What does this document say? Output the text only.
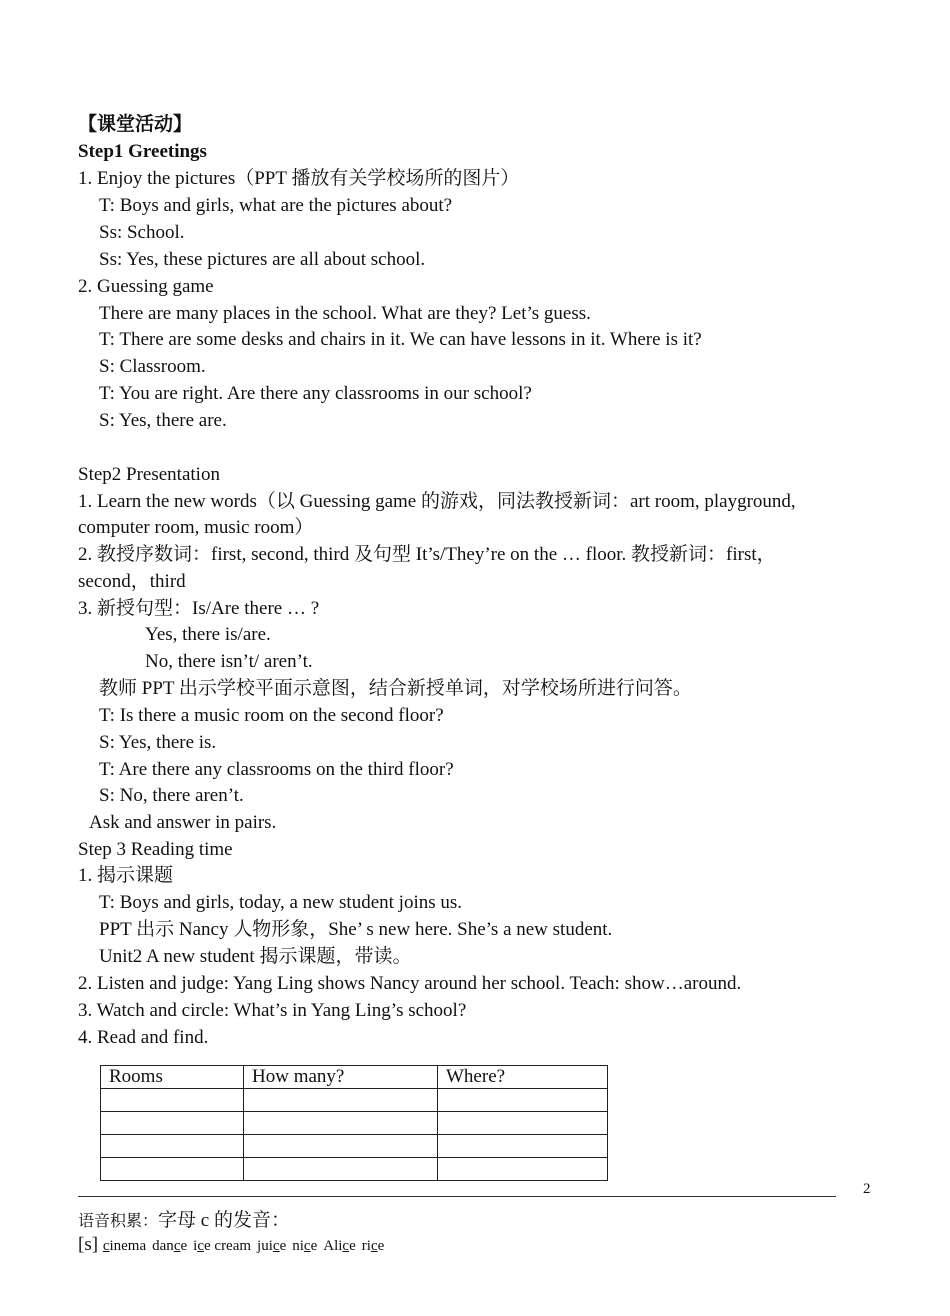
【课堂活动】
Step1 Greetings
1. Enjoy the pictures（PPT 播放有关学校场所的图片）
T: Boys and girls, what are the pictures about?
Ss: School.
Ss: Yes, these pictures are all about school.
2. Guessing game
There are many places in the school. What are they? Let’s guess.
T: There are some desks and chairs in it. We can have lessons in it. Where is it?
S: Classroom.
T: You are right. Are there any classrooms in our school?
S: Yes, there are.
Step2 Presentation
1. Learn the new words（以 Guessing game 的游戏，同法教授新词：art room, playground,
computer room, music room）
2. 教授序数词：first, second, third 及句型 It’s/They’re on the … floor. 教授新词：first，
second，third
3. 新授句型：Is/Are there … ?
Yes, there is/are.
No, there isn’t/ aren’t.
教师 PPT 出示学校平面示意图，结合新授单词，对学校场所进行问答。
T: Is there a music room on the second floor?
S: Yes, there is.
T: Are there any classrooms on the third floor?
S: No, there aren’t.
Ask and answer in pairs.
Step 3 Reading time
1. 揭示课题
T: Boys and girls, today, a new student joins us.
PPT 出示 Nancy 人物形象，She’ s new here. She’s a new student.
Unit2 A new student 揭示课题，带读。
2. Listen and judge: Yang Ling shows Nancy around her school. Teach: show…around.
3. Watch and circle: What’s in Yang Ling’s school?
4. Read and find.
Rooms	How many?	Where?

2
语音积累：字母 c 的发音：
[s] cinema dance ice cream juice nice Alice rice
